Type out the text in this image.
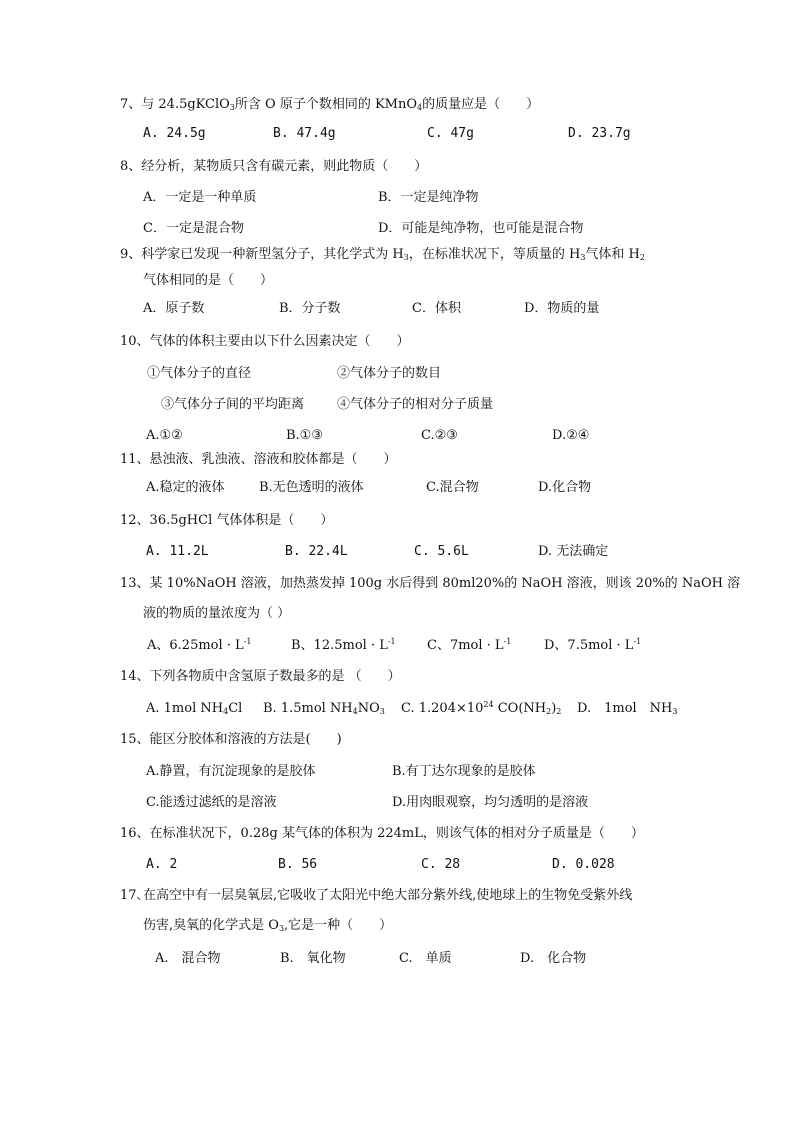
7、与 24.5gKClO$_3$所含 O 原子个数相同的 KMnO$_4$的质量应是（　　）
A. 24.5g	B. 47.4g	C. 47g	D. 23.7g
8、经分析，某物质只含有碳元素，则此物质（　　）
A．一定是一种单质	B．一定是纯净物
C．一定是混合物	D．可能是纯净物，也可能是混合物
9、科学家已发现一种新型氢分子，其化学式为 $H_3$，在标准状况下，等质量的 $H_3$气体和 $H_2$
气体相同的是（　　）
A．原子数	B．分子数	C．体积	D．物质的量
10、气体的体积主要由以下什么因素决定（　　）
①气体分子的直径	②气体分子的数目
③气体分子间的平均距离	④气体分子的相对分子质量
A.①②	B.①③	C.②③	D.②④
11、悬浊液、乳浊液、溶液和胶体都是（　　）
A.稳定的液体	B.无色透明的液体	C.混合物	D.化合物
12、36.5gHCl 气体体积是（　　）
A. 11.2L	B. 22.4L	C. 5.6L	D. 无法确定
13、某 10%NaOH 溶液，加热蒸发掉 100g 水后得到 80ml20%的 NaOH 溶液，则该 20%的 NaOH 溶
液的物质的量浓度为（ ）
A、$6.25mol \cdot L^{-1}$	B、$12.5mol \cdot L^{-1}$ C、$7mol \cdot L^{-1}$	D、$7.5mol \cdot L^{-1}$
14、下列各物质中含氢原子数最多的是 （　　）
A. 1mol $NH_4Cl$ B. 1.5mol $NH_4NO_3$ C. $1.204\times 10^{24}$ $CO(NH_2)_2$ D.　1mol　$NH_3$
15、能区分胶体和溶液的方法是(　　)
A.静置，有沉淀现象的是胶体	B.有丁达尔现象的是胶体
C.能透过滤纸的是溶液	D.用肉眼观察，均匀透明的是溶液
16、在标准状况下，0.28g 某气体的体积为 224mL，则该气体的相对分子质量是（　　）
A. 2	B. 56	C. 28	D. 0.028
17､在高空中有一层臭氧层,它吸收了太阳光中绝大部分紫外线,使地球上的生物免受紫外线
伤害,臭氧的化学式是 $O_3$,它是一种（　　）
A.　混合物	B.　氧化物	C.　单质	D.　化合物
